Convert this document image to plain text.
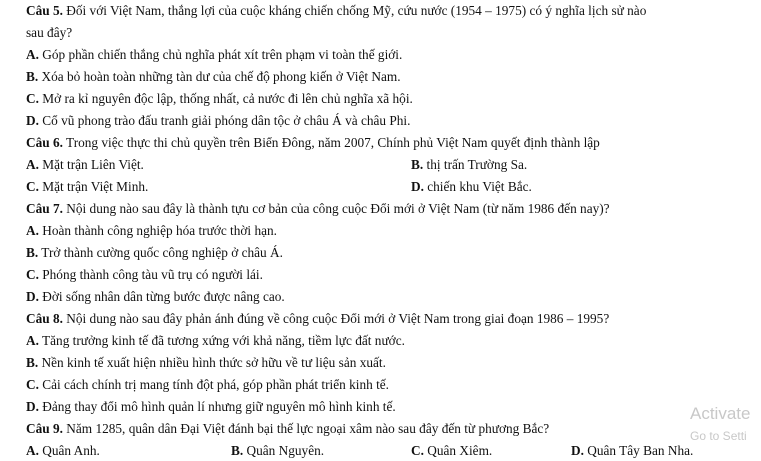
Câu 5. Đối với Việt Nam, thắng lợi của cuộc kháng chiến chống Mỹ, cứu nước (1954 – 1975) có ý nghĩa lịch sử nào
sau đây?
A. Góp phần chiến thắng chủ nghĩa phát xít trên phạm vi toàn thế giới.
B. Xóa bỏ hoàn toàn những tàn dư của chế độ phong kiến ở Việt Nam.
C. Mở ra kỉ nguyên độc lập, thống nhất, cả nước đi lên chủ nghĩa xã hội.
D. Cổ vũ phong trào đấu tranh giải phóng dân tộc ở châu Á và châu Phi.
Câu 6. Trong việc thực thi chủ quyền trên Biển Đông, năm 2007, Chính phủ Việt Nam quyết định thành lập
A. Mặt trận Liên Việt.	B. thị trấn Trường Sa.
C. Mặt trận Việt Minh.	D. chiến khu Việt Bắc.
Câu 7. Nội dung nào sau đây là thành tựu cơ bản của công cuộc Đổi mới ở Việt Nam (từ năm 1986 đến nay)?
A. Hoàn thành công nghiệp hóa trước thời hạn.
B. Trở thành cường quốc công nghiệp ở châu Á.
C. Phóng thành công tàu vũ trụ có người lái.
D. Đời sống nhân dân từng bước được nâng cao.
Câu 8. Nội dung nào sau đây phản ánh đúng về công cuộc Đổi mới ở Việt Nam trong giai đoạn 1986 – 1995?
A. Tăng trưởng kinh tế đã tương xứng với khả năng, tiềm lực đất nước.
B. Nền kinh tế xuất hiện nhiều hình thức sở hữu về tư liệu sản xuất.
C. Cải cách chính trị mang tính đột phá, góp phần phát triển kinh tế.
D. Đảng thay đổi mô hình quản lí nhưng giữ nguyên mô hình kinh tế.
Câu 9. Năm 1285, quân dân Đại Việt đánh bại thế lực ngoại xâm nào sau đây đến từ phương Bắc?
A. Quân Anh.	B. Quân Nguyên.	C. Quân Xiêm.	D. Quân Tây Ban Nha.
Activate
Go to Setti
